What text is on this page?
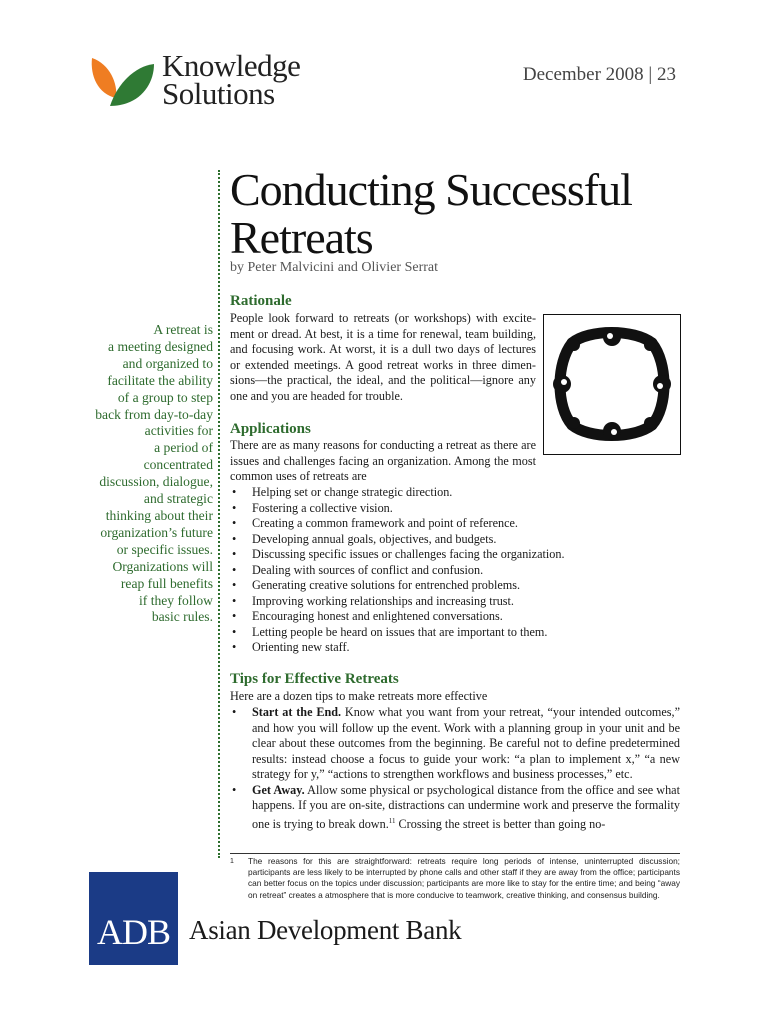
Knowledge
Solutions
December 2008 | 23
Conducting Successful
Retreats
by Peter Malvicini and Olivier Serrat
A retreat is
a meeting designed
and organized to
facilitate the ability
of a group to step
back from day-to-day
activities for
a period of
concentrated
discussion, dialogue,
and strategic
thinking about their
organization’s future
or specific issues.
Organizations will
reap full benefits
if they follow
basic rules.
Rationale
People look forward to retreats (or workshops) with excite-ment or dread. At best, it is a time for renewal, team building, and focusing work. At worst, it is a dull two days of lectures or extended meetings. A good retreat works in three dimen-sions—the practical, the ideal, and the political—ignore any one and you are headed for trouble.
Applications
There are as many reasons for conducting a retreat as there are issues and challenges facing an organization. Among the most common uses of retreats are
• Helping set or change strategic direction.
• Fostering a collective vision.
• Creating a common framework and point of reference.
• Developing annual goals, objectives, and budgets.
• Discussing specific issues or challenges facing the organization.
• Dealing with sources of conflict and confusion.
• Generating creative solutions for entrenched problems.
• Improving working relationships and increasing trust.
• Encouraging honest and enlightened conversations.
• Letting people be heard on issues that are important to them.
• Orienting new staff.
Tips for Effective Retreats
Here are a dozen tips to make retreats more effective
• Start at the End. Know what you want from your retreat, “your intended outcomes,” and how you will follow up the event. Work with a planning group in your unit and be clear about these outcomes from the beginning. Be careful not to define predetermined results: instead choose a focus to guide your work: “a plan to implement x,” “a new strategy for y,” “actions to strengthen workflows and business processes,” etc.
• Get Away. Allow some physical or psychological distance from the office and see what happens. If you are on-site, distractions can undermine work and preserve the formality one is trying to break down.$^{11}$ Crossing the street is better than going no-
1 The reasons for this are straightforward: retreats require long periods of intense, uninterrupted discussion; participants are less likely to be interrupted by phone calls and other staff if they are away from the office; participants can better focus on the topics under discussion; participants are more like to stay for the entire time; and being “away on retreat” creates a atmosphere that is more conducive to teamwork, creative thinking, and consensus building.
ADB Asian Development Bank
